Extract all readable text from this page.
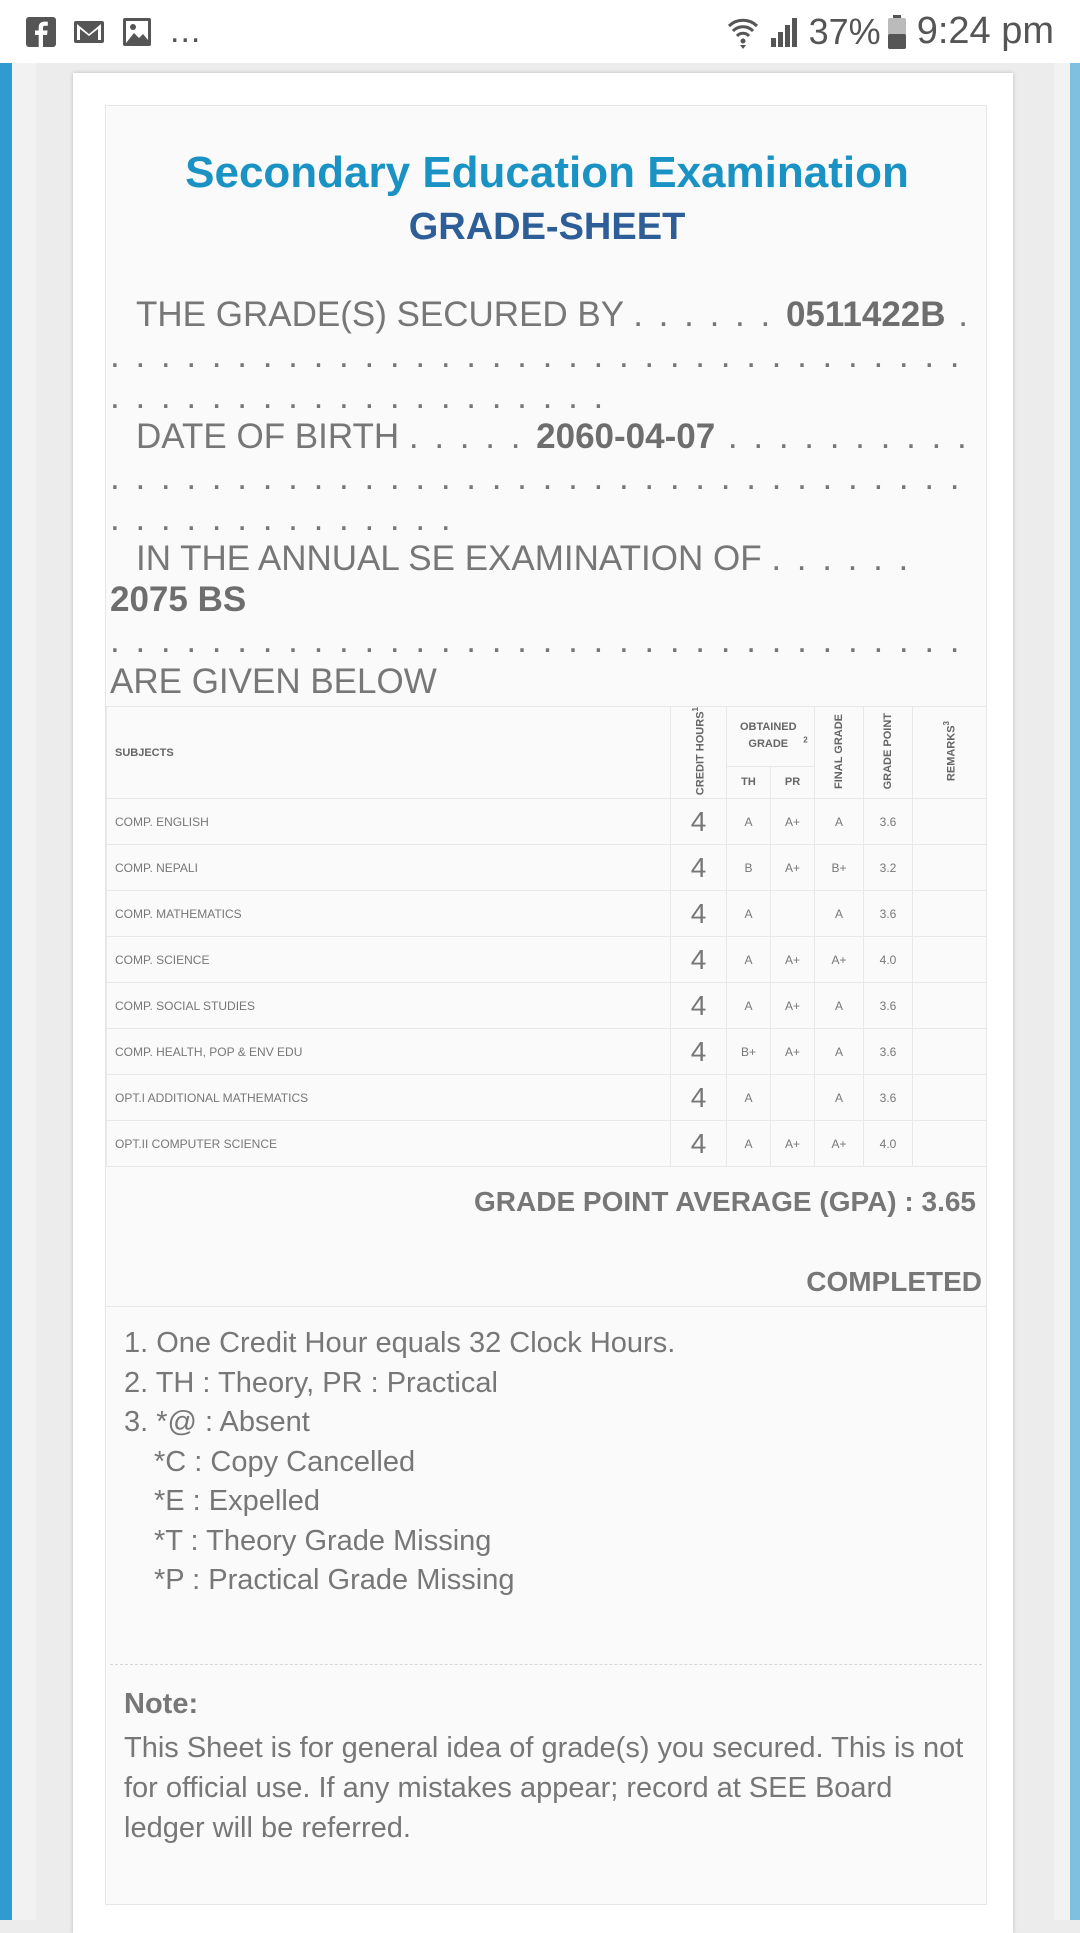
...	37% 9:24 pm
Secondary Education Examination
GRADE-SHEET
THE GRADE(S) SECURED BY . . . . . . 0511422B . . . . . . . . . . . . . . . . . . . . . . . . . . . . . . . . . . . . . . . . . . . . . . . . . . . . . . .
DATE OF BIRTH . . . . . 2060-04-07 . . . . . . . . . . . . . . . . . . . . . . . . . . . . . . . . . . . . . . . . . . . . . . . . . . . . . . . . . .
IN THE ANNUAL SE EXAMINATION OF . . . . . . 2075 BS
. . . . . . . . . . . . . . . . . . . . . . . . . . . . . . . . . . ARE GIVEN BELOW
SUBJECTS	CREDIT HOURS$^1$	OBTAINED GRADE $^2$		FINAL GRADE	GRADE POINT	REMARKS$^3$
		TH	PR			
COMP. ENGLISH	4	A	A+	A	3.6	
COMP. NEPALI	4	B	A+	B+	3.2	
COMP. MATHEMATICS	4	A		A	3.6	
COMP. SCIENCE	4	A	A+	A+	4.0	
COMP. SOCIAL STUDIES	4	A	A+	A	3.6	
COMP. HEALTH, POP & ENV EDU	4	B+	A+	A	3.6	
OPT.I ADDITIONAL MATHEMATICS	4	A		A	3.6	
OPT.II COMPUTER SCIENCE	4	A	A+	A+	4.0	
GRADE POINT AVERAGE (GPA) : 3.65
COMPLETED
1. One Credit Hour equals 32 Clock Hours.
2. TH : Theory, PR : Practical
3. *@ : Absent
*C : Copy Cancelled
*E : Expelled
*T : Theory Grade Missing
*P : Practical Grade Missing
Note:
This Sheet is for general idea of grade(s) you secured. This is not for official use. If any mistakes appear; record at SEE Board ledger will be referred.
